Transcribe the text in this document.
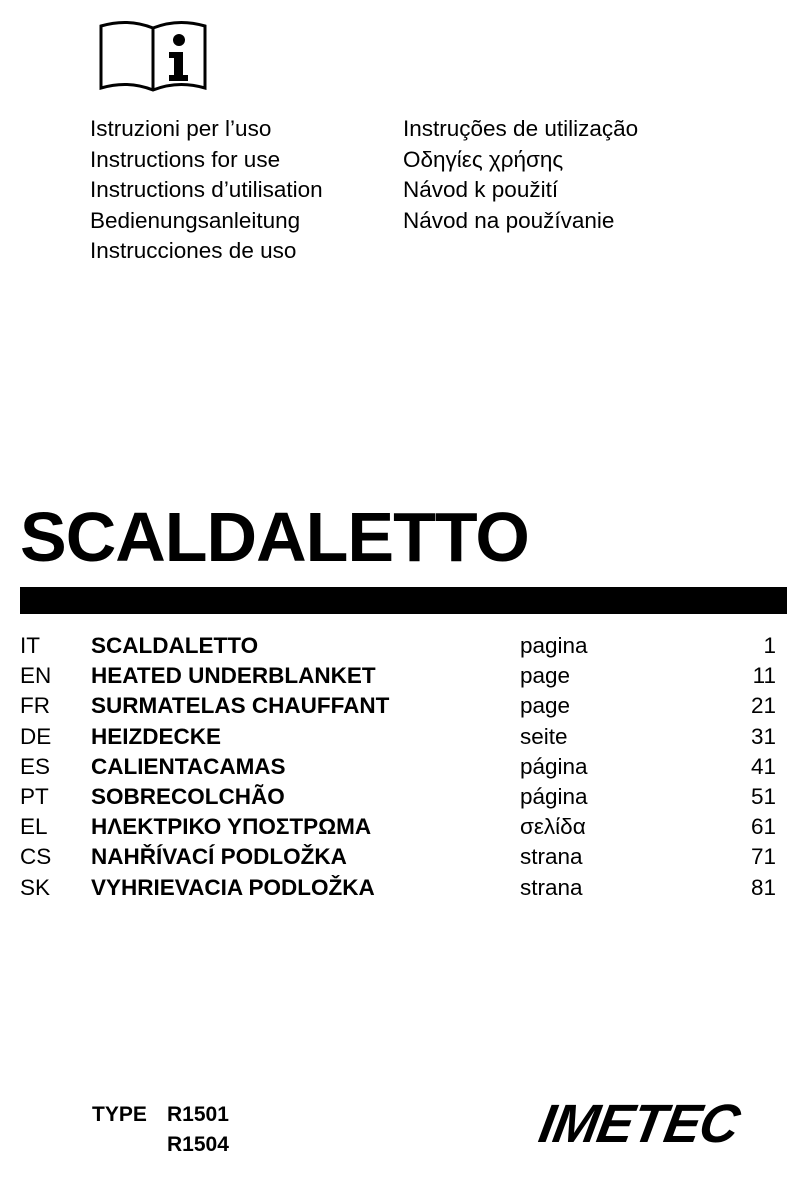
Istruzioni per l’uso
Instructions for use
Instructions d’utilisation
Bedienungsanleitung
Instrucciones de uso
Instruções de utilização
Οδηγίες χρήσης
Návod k použití
Návod na používanie
SCALDALETTO
IT SCALDALETTO	pagina	1
EN HEATED UNDERBLANKET	page	11
FR SURMATELAS CHAUFFANT	page	21
DE HEIZDECKE	seite	31
ES CALIENTACAMAS	página	41
PT SOBRECOLCHÃO	página	51
EL ΗΛΕΚΤΡΙΚΟ ΥΠΟΣΤΡΩΜΑ	σελίδα	61
CS NAHŘÍVACÍ PODLOŽKA	strana	71
SK VYHRIEVACIA PODLOŽKA	strana	81
TYPE R1501
R1504	IMETEC
